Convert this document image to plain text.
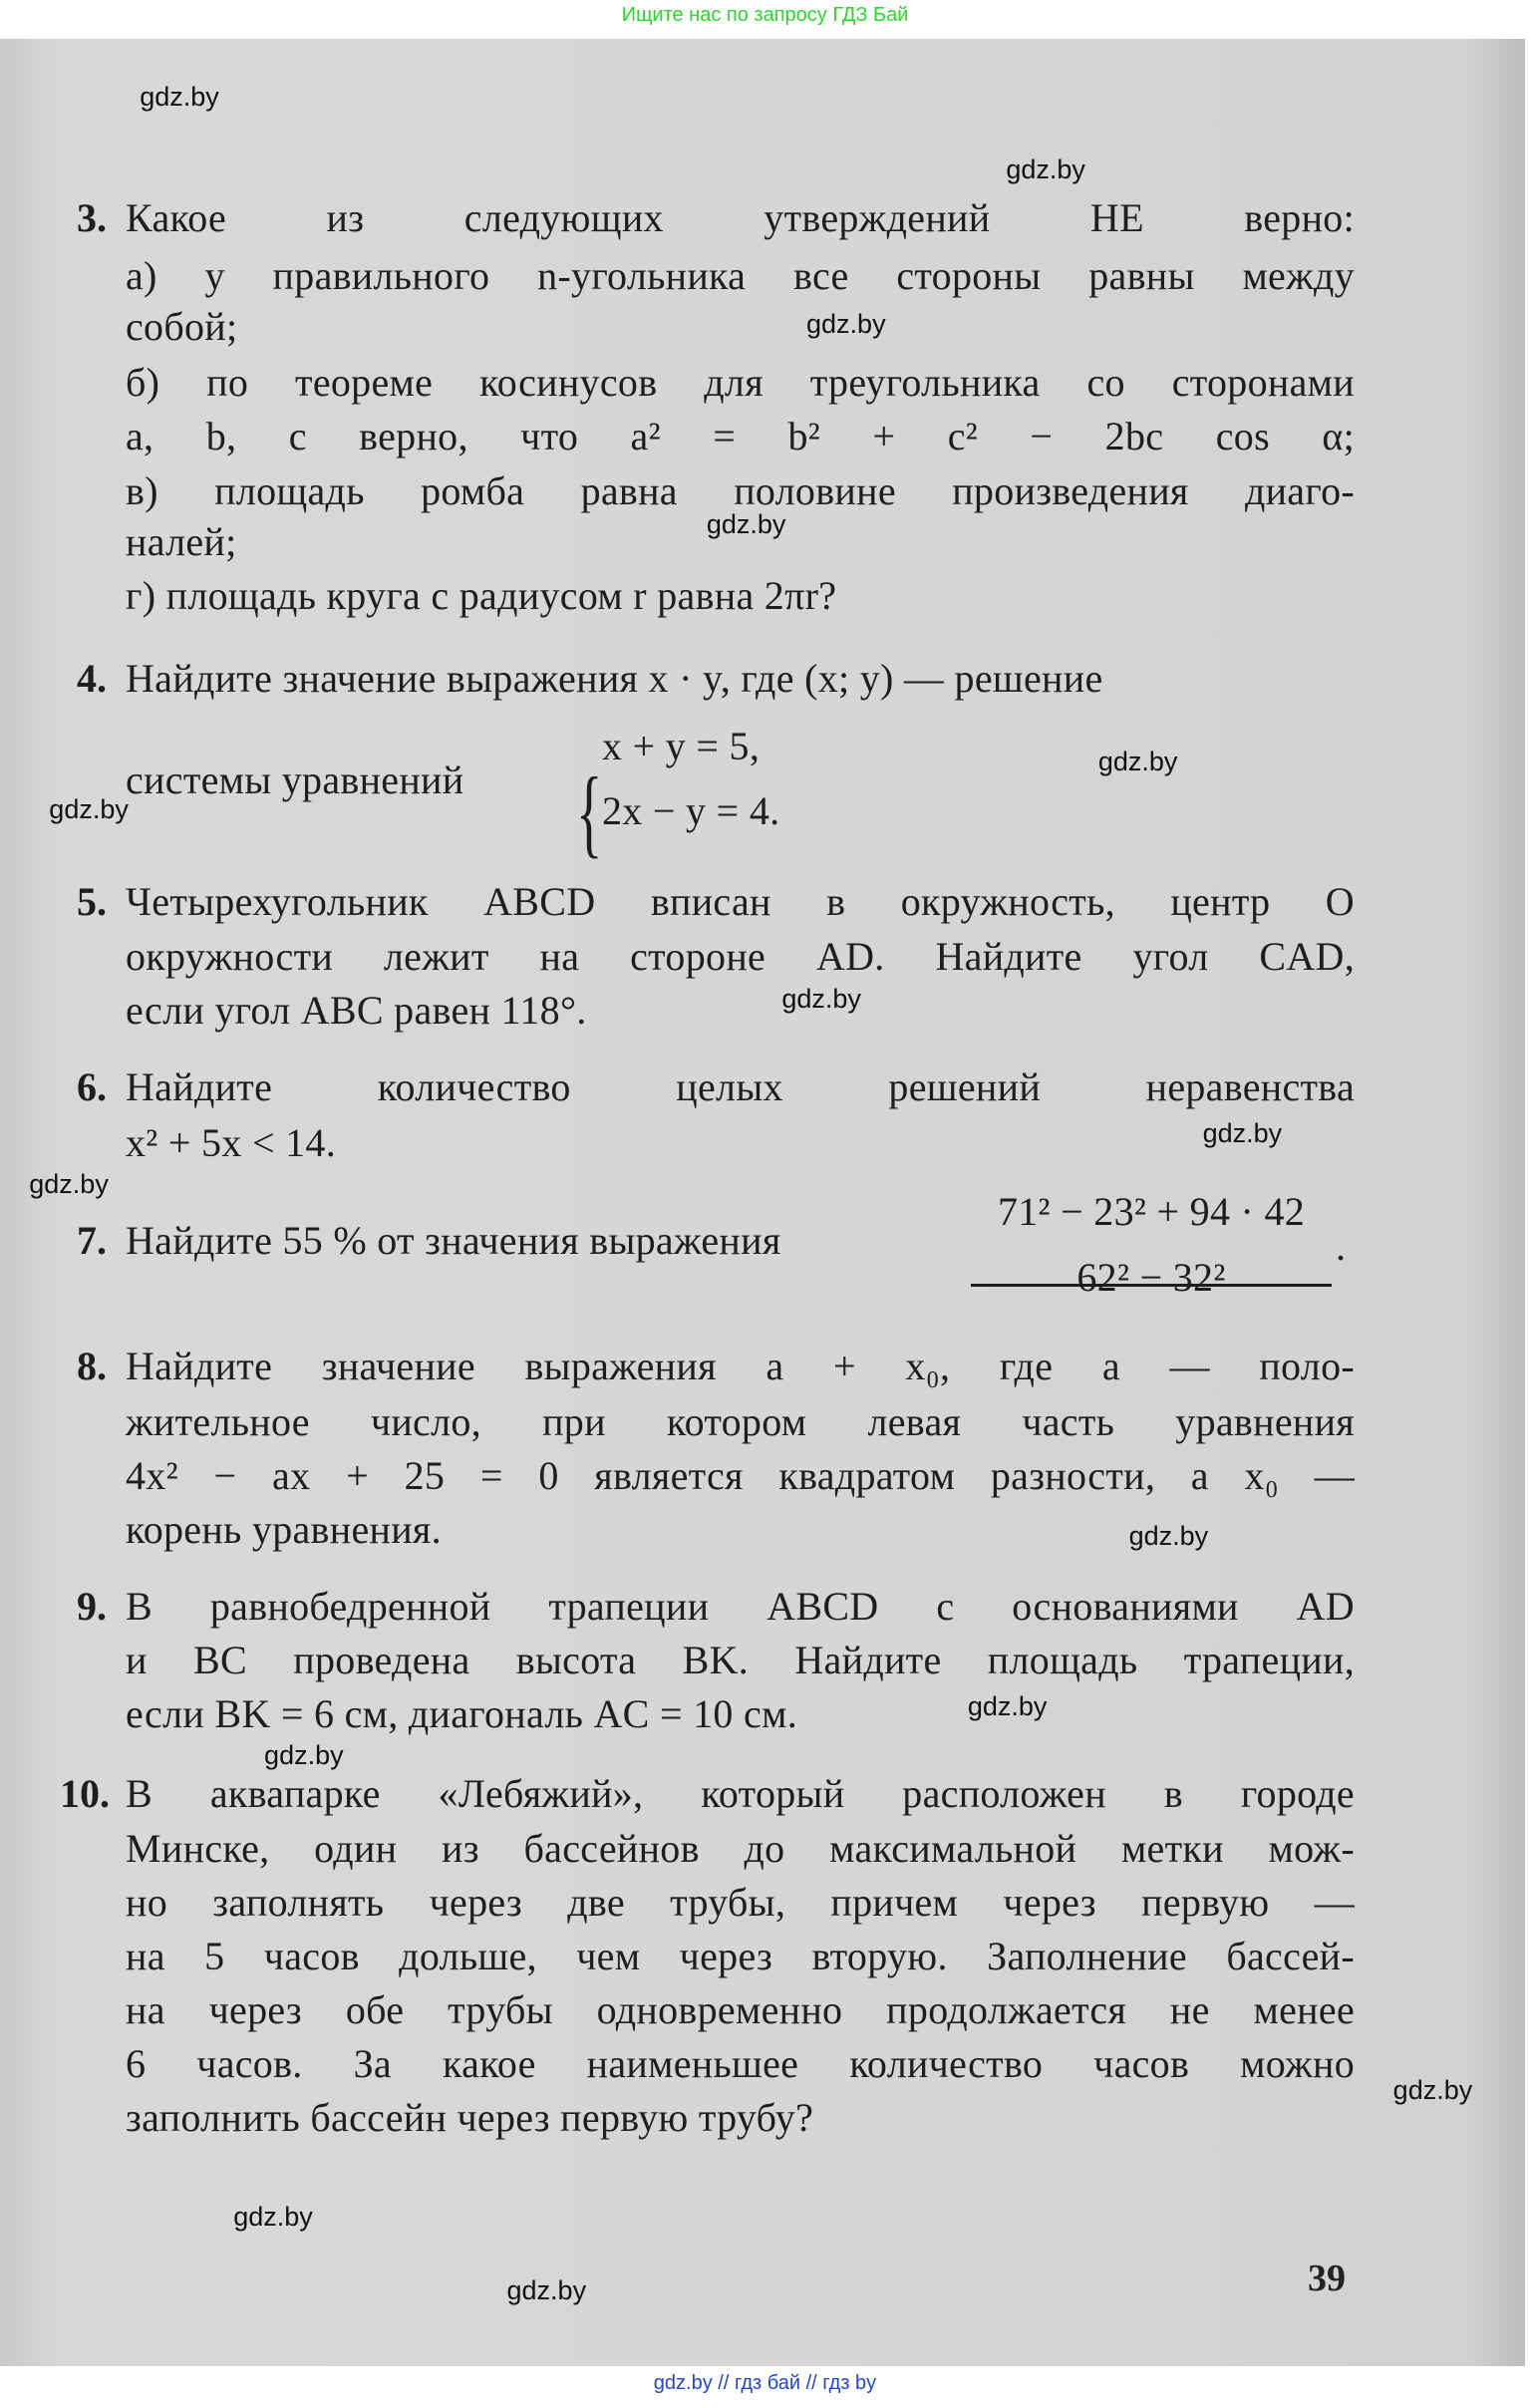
Ищите нас по запросу ГДЗ Бай
39
{
3. Какое из следующих утверждений НЕ верно:
а) у правильного n-угольника все стороны равны между
собой;
б) по теореме косинусов для треугольника со сторонами
a, b, c верно, что a² = b² + c² − 2bc cos α;
в) площадь ромба равна половине произведения диаго-
налей;
г) площадь круга с радиусом r равна 2πr?
4. Найдите значение выражения x · y, где (x; y) — решение
системы уравнений
x + y = 5,
2x − y = 4.
5. Четырехугольник ABCD вписан в окружность, центр O
окружности лежит на стороне AD. Найдите угол CAD,
если угол ABC равен 118°.
6. Найдите количество целых решений неравенства
x² + 5x < 14.
7. Найдите 55 % от значения выражения
71² − 23² + 94 · 42
62² − 32²
.
8. Найдите значение выражения a + x₀, где a — поло-
жительное число, при котором левая часть уравнения
4x² − ax + 25 = 0 является квадратом разности, а x₀ —
корень уравнения.
9. В равнобедренной трапеции ABCD с основаниями AD
и BC проведена высота BK. Найдите площадь трапеции,
если BK = 6 см, диагональ AC = 10 см.
10. В аквапарке «Лебяжий», который расположен в городе
Минске, один из бассейнов до максимальной метки мож-
но заполнять через две трубы, причем через первую —
на 5 часов дольше, чем через вторую. Заполнение бассей-
на через обе трубы одновременно продолжается не менее
6 часов. За какое наименьшее количество часов можно
заполнить бассейн через первую трубу?
gdz.by
gdz.by
gdz.by
gdz.by
gdz.by
gdz.by
gdz.by
gdz.by
gdz.by
gdz.by
gdz.by
gdz.by
gdz.by
gdz.by
gdz.by
gdz.by // гдз бай // гдз by
